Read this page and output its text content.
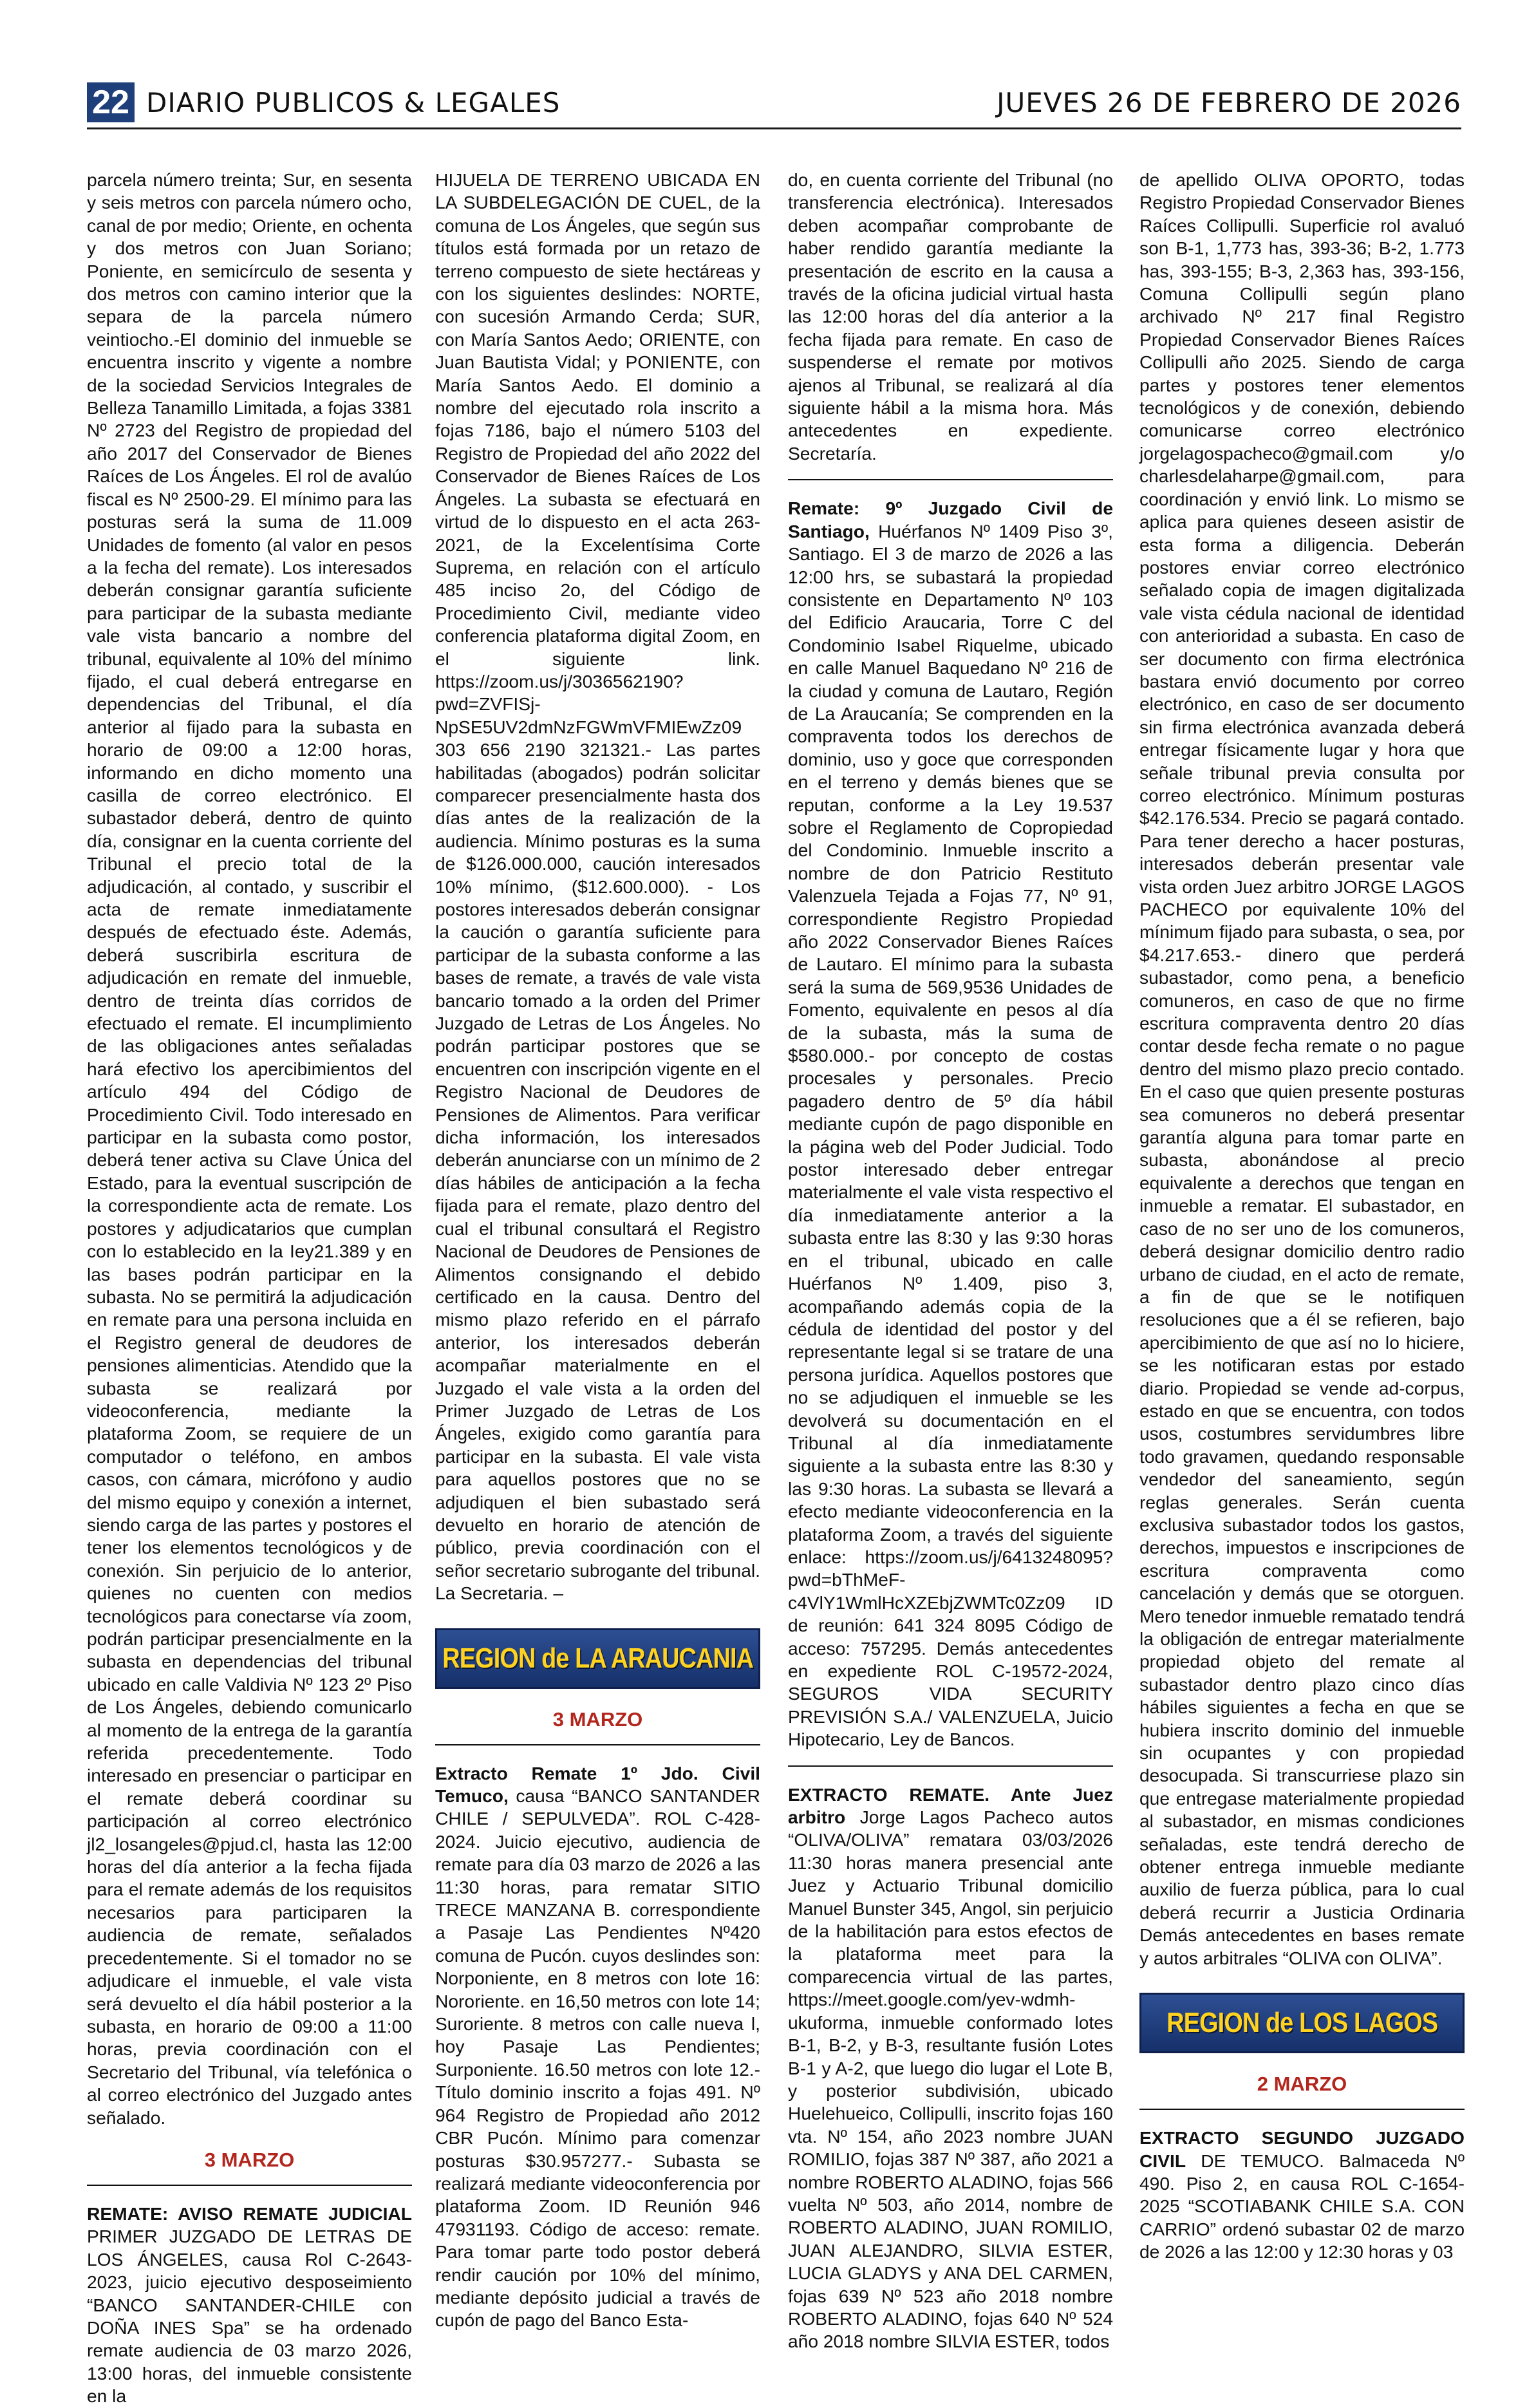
22 DIARIO PUBLICOS & LEGALES	JUEVES 26 DE FEBRERO DE 2026

parcela número treinta; Sur, en sesenta y seis metros con parcela número ocho, canal de por medio; Oriente, en ochenta y dos metros con Juan Soriano; Poniente, en semicírculo de sesenta y dos metros con camino interior que la separa de la parcela número veintiocho.-El dominio del inmueble se encuentra inscrito y vigente a nombre de la sociedad Servicios Integrales de Belleza Tanamillo Limitada, a fojas 3381 Nº 2723 del Registro de propiedad del año 2017 del Conservador de Bienes Raíces de Los Ángeles. El rol de avalúo fiscal es Nº 2500-29. El mínimo para las posturas será la suma de 11.009 Unidades de fomento (al valor en pesos a la fecha del remate). Los interesados deberán consignar garantía suficiente para participar de la subasta mediante vale vista bancario a nombre del tribunal, equivalente al 10% del mínimo fijado, el cual deberá entregarse en dependencias del Tribunal, el día anterior al fijado para la subasta en horario de 09:00 a 12:00 horas, informando en dicho momento una casilla de correo electrónico. El subastador deberá, dentro de quinto día, consignar en la cuenta corriente del Tribunal el precio total de la adjudicación, al contado, y suscribir el acta de remate inmediatamente después de efectuado éste. Además, deberá suscribirla escritura de adjudicación en remate del inmueble, dentro de treinta días corridos de efectuado el remate. El incumplimiento de las obligaciones antes señaladas hará efectivo los apercibimientos del artículo 494 del Código de Procedimiento Civil. Todo interesado en participar en la subasta como postor, deberá tener activa su Clave Única del Estado, para la eventual suscripción de la correspondiente acta de remate. Los postores y adjudicatarios que cumplan con lo establecido en la Iey21.389 y en las bases podrán participar en la subasta. No se permitirá la adjudicación en remate para una persona incluida en el Registro general de deudores de pensiones alimenticias. Atendido que la subasta se realizará por videoconferencia, mediante la plataforma Zoom, se requiere de un computador o teléfono, en ambos casos, con cámara, micrófono y audio del mismo equipo y conexión a internet, siendo carga de las partes y postores el tener los elementos tecnológicos y de conexión. Sin perjuicio de lo anterior, quienes no cuenten con medios tecnológicos para conectarse vía zoom, podrán participar presencialmente en la subasta en dependencias del tribunal ubicado en calle Valdivia Nº 123 2º Piso de Los Ángeles, debiendo comunicarlo al momento de la entrega de la garantía referida precedentemente. Todo interesado en presenciar o participar en el remate deberá coordinar su participación al correo electrónico jl2_losangeles@pjud.cl, hasta las 12:00 horas del día anterior a la fecha fijada para el remate además de los requisitos necesarios para participaren la audiencia de remate, señalados precedentemente. Si el tomador no se adjudicare el inmueble, el vale vista será devuelto el día hábil posterior a la subasta, en horario de 09:00 a 11:00 horas, previa coordinación con el Secretario del Tribunal, vía telefónica o al correo electrónico del Juzgado antes señalado.

3 MARZO

REMATE: AVISO REMATE JUDICIAL PRIMER JUZGADO DE LETRAS DE LOS ÁNGELES, causa Rol C-2643-2023, juicio ejecutivo desposeimiento “BANCO SANTANDER-CHILE con DOÑA INES Spa” se ha ordenado remate audiencia de 03 marzo 2026, 13:00 horas, del inmueble consistente en la

HIJUELA DE TERRENO UBICADA EN LA SUBDELEGACIÓN DE CUEL, de la comuna de Los Ángeles, que según sus títulos está formada por un retazo de terreno compuesto de siete hectáreas y con los siguientes deslindes: NORTE, con sucesión Armando Cerda; SUR, con María Santos Aedo; ORIENTE, con Juan Bautista Vidal; y PONIENTE, con María Santos Aedo. El dominio a nombre del ejecutado rola inscrito a fojas 7186, bajo el número 5103 del Registro de Propiedad del año 2022 del Conservador de Bienes Raíces de Los Ángeles. La subasta se efectuará en virtud de lo dispuesto en el acta 263-2021, de la Excelentísima Corte Suprema, en relación con el artículo 485 inciso 2o, del Código de Procedimiento Civil, mediante video conferencia plataforma digital Zoom, en el siguiente link. https://zoom.us/j/3036562190?pwd=ZVFISj-NpSE5UV2dmNzFGWmVFMIEwZz09 303 656 2190 321321.- Las partes habilitadas (abogados) podrán solicitar comparecer presencialmente hasta dos días antes de la realización de la audiencia. Mínimo posturas es la suma de $126.000.000, caución interesados 10% mínimo, ($12.600.000). - Los postores interesados deberán consignar la caución o garantía suficiente para participar de la subasta conforme a las bases de remate, a través de vale vista bancario tomado a la orden del Primer Juzgado de Letras de Los Ángeles. No podrán participar postores que se encuentren con inscripción vigente en el Registro Nacional de Deudores de Pensiones de Alimentos. Para verificar dicha información, los interesados deberán anunciarse con un mínimo de 2 días hábiles de anticipación a la fecha fijada para el remate, plazo dentro del cual el tribunal consultará el Registro Nacional de Deudores de Pensiones de Alimentos consignando el debido certificado en la causa. Dentro del mismo plazo referido en el párrafo anterior, los interesados deberán acompañar materialmente en el Juzgado el vale vista a la orden del Primer Juzgado de Letras de Los Ángeles, exigido como garantía para participar en la subasta. El vale vista para aquellos postores que no se adjudiquen el bien subastado será devuelto en horario de atención de público, previa coordinación con el señor secretario subrogante del tribunal. La Secretaria. –

REGION de LA ARAUCANIA
3 MARZO

Extracto Remate 1º Jdo. Civil Temuco, causa “BANCO SANTANDER CHILE / SEPULVEDA”. ROL C-428-2024. Juicio ejecutivo, audiencia de remate para día 03 marzo de 2026 a las 11:30 horas, para rematar SITIO TRECE MANZANA B. correspondiente a Pasaje Las Pendientes Nº420 comuna de Pucón. cuyos deslindes son: Norponiente, en 8 metros con lote 16: Nororiente. en 16,50 metros con lote 14; Suroriente. 8 metros con calle nueva l, hoy Pasaje Las Pendientes; Surponiente. 16.50 metros con lote 12.- Título dominio inscrito a fojas 491. Nº 964 Registro de Propiedad año 2012 CBR Pucón. Mínimo para comenzar posturas $30.957277.- Subasta se realizará mediante videoconferencia por plataforma Zoom. ID Reunión 946 47931193. Código de acceso: remate. Para tomar parte todo postor deberá rendir caución por 10% del mínimo, mediante depósito judicial a través de cupón de pago del Banco Esta-

do, en cuenta corriente del Tribunal (no transferencia electrónica). Interesados deben acompañar comprobante de haber rendido garantía mediante la presentación de escrito en la causa a través de la oficina judicial virtual hasta las 12:00 horas del día anterior a la fecha fijada para remate. En caso de suspenderse el remate por motivos ajenos al Tribunal, se realizará al día siguiente hábil a la misma hora. Más antecedentes en expediente. Secretaría.

Remate: 9º Juzgado Civil de Santiago, Huérfanos Nº 1409 Piso 3º, Santiago. El 3 de marzo de 2026 a las 12:00 hrs, se subastará la propiedad consistente en Departamento Nº 103 del Edificio Araucaria, Torre C del Condominio Isabel Riquelme, ubicado en calle Manuel Baquedano Nº 216 de la ciudad y comuna de Lautaro, Región de La Araucanía; Se comprenden en la compraventa todos los derechos de dominio, uso y goce que corresponden en el terreno y demás bienes que se reputan, conforme a la Ley 19.537 sobre el Reglamento de Copropiedad del Condominio. Inmueble inscrito a nombre de don Patricio Restituto Valenzuela Tejada a Fojas 77, Nº 91, correspondiente Registro Propiedad año 2022 Conservador Bienes Raíces de Lautaro. El mínimo para la subasta será la suma de 569,9536 Unidades de Fomento, equivalente en pesos al día de la subasta, más la suma de $580.000.- por concepto de costas procesales y personales. Precio pagadero dentro de 5º día hábil mediante cupón de pago disponible en la página web del Poder Judicial. Todo postor interesado deber entregar materialmente el vale vista respectivo el día inmediatamente anterior a la subasta entre las 8:30 y las 9:30 horas en el tribunal, ubicado en calle Huérfanos Nº 1.409, piso 3, acompañando además copia de la cédula de identidad del postor y del representante legal si se tratare de una persona jurídica. Aquellos postores que no se adjudiquen el inmueble se les devolverá su documentación en el Tribunal al día inmediatamente siguiente a la subasta entre las 8:30 y las 9:30 horas. La subasta se llevará a efecto mediante videoconferencia en la plataforma Zoom, a través del siguiente enlace: https://zoom.us/j/6413248095?pwd=bThMeF-c4VlY1WmlHcXZEbjZWMTc0Zz09 ID de reunión: 641 324 8095 Código de acceso: 757295. Demás antecedentes en expediente ROL C-19572-2024, SEGUROS VIDA SECURITY PREVISIÓN S.A./ VALENZUELA, Juicio Hipotecario, Ley de Bancos.

EXTRACTO REMATE. Ante Juez arbitro Jorge Lagos Pacheco autos “OLIVA/OLIVA” rematara 03/03/2026 11:30 horas manera presencial ante Juez y Actuario Tribunal domicilio Manuel Bunster 345, Angol, sin perjuicio de la habilitación para estos efectos de la plataforma meet para la comparecencia virtual de las partes, https://meet.google.com/yev-wdmh-ukuforma, inmueble conformado lotes B-1, B-2, y B-3, resultante fusión Lotes B-1 y A-2, que luego dio lugar el Lote B, y posterior subdivisión, ubicado Huelehueico, Collipulli, inscrito fojas 160 vta. Nº 154, año 2023 nombre JUAN ROMILIO, fojas 387 Nº 387, año 2021 a nombre ROBERTO ALADINO, fojas 566 vuelta Nº 503, año 2014, nombre de ROBERTO ALADINO, JUAN ROMILIO, JUAN ALEJANDRO, SILVIA ESTER, LUCIA GLADYS y ANA DEL CARMEN, fojas 639 Nº 523 año 2018 nombre ROBERTO ALADINO, fojas 640 Nº 524 año 2018 nombre SILVIA ESTER, todos

de apellido OLIVA OPORTO, todas Registro Propiedad Conservador Bienes Raíces Collipulli. Superficie rol avaluó son B-1, 1,773 has, 393-36; B-2, 1.773 has, 393-155; B-3, 2,363 has, 393-156, Comuna Collipulli según plano archivado Nº 217 final Registro Propiedad Conservador Bienes Raíces Collipulli año 2025. Siendo de carga partes y postores tener elementos tecnológicos y de conexión, debiendo comunicarse correo electrónico jorgelagospacheco@gmail.com y/o charlesdelaharpe@gmail.com, para coordinación y envió link. Lo mismo se aplica para quienes deseen asistir de esta forma a diligencia. Deberán postores enviar correo electrónico señalado copia de imagen digitalizada vale vista cédula nacional de identidad con anterioridad a subasta. En caso de ser documento con firma electrónica bastara envió documento por correo electrónico, en caso de ser documento sin firma electrónica avanzada deberá entregar físicamente lugar y hora que señale tribunal previa consulta por correo electrónico. Mínimum posturas $42.176.534. Precio se pagará contado. Para tener derecho a hacer posturas, interesados deberán presentar vale vista orden Juez arbitro JORGE LAGOS PACHECO por equivalente 10% del mínimum fijado para subasta, o sea, por $4.217.653.- dinero que perderá subastador, como pena, a beneficio comuneros, en caso de que no firme escritura compraventa dentro 20 días contar desde fecha remate o no pague dentro del mismo plazo precio contado. En el caso que quien presente posturas sea comuneros no deberá presentar garantía alguna para tomar parte en subasta, abonándose al precio equivalente a derechos que tengan en inmueble a rematar. El subastador, en caso de no ser uno de los comuneros, deberá designar domicilio dentro radio urbano de ciudad, en el acto de remate, a fin de que se le notifiquen resoluciones que a él se refieren, bajo apercibimiento de que así no lo hiciere, se les notificaran estas por estado diario. Propiedad se vende ad-corpus, estado en que se encuentra, con todos usos, costumbres servidumbres libre todo gravamen, quedando responsable vendedor del saneamiento, según reglas generales. Serán cuenta exclusiva subastador todos los gastos, derechos, impuestos e inscripciones de escritura compraventa como cancelación y demás que se otorguen. Mero tenedor inmueble rematado tendrá la obligación de entregar materialmente propiedad objeto del remate al subastador dentro plazo cinco días hábiles siguientes a fecha en que se hubiera inscrito dominio del inmueble sin ocupantes y con propiedad desocupada. Si transcurriese plazo sin que entregase materialmente propiedad al subastador, en mismas condiciones señaladas, este tendrá derecho de obtener entrega inmueble mediante auxilio de fuerza pública, para lo cual deberá recurrir a Justicia Ordinaria Demás antecedentes en bases remate y autos arbitrales “OLIVA con OLIVA”.

REGION de LOS LAGOS
2 MARZO

EXTRACTO SEGUNDO JUZGADO CIVIL DE TEMUCO. Balmaceda Nº 490. Piso 2, en causa ROL C-1654-2025 “SCOTIABANK CHILE S.A. CON CARRIO” ordenó subastar 02 de marzo de 2026 a las 12:00 y 12:30 horas y 03
